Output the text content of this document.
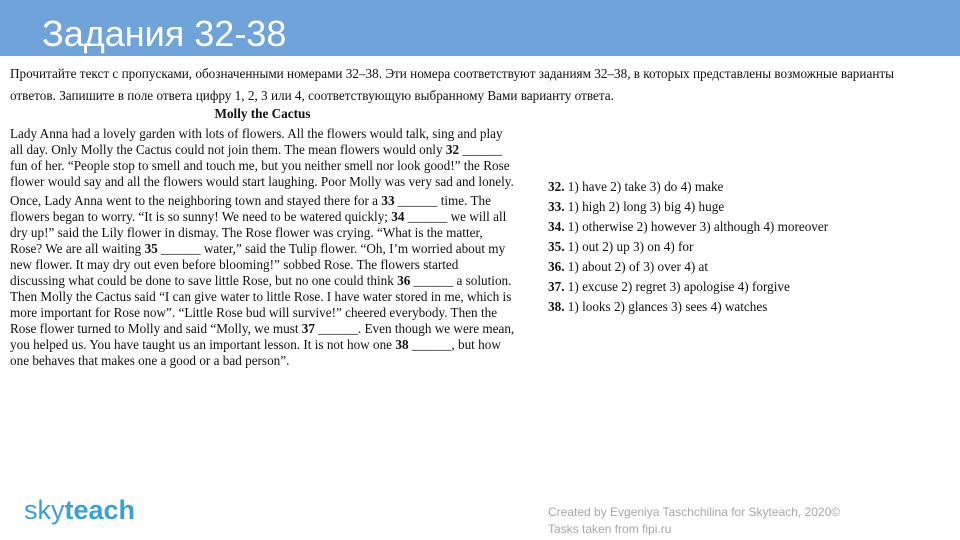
Задания 32-38
Прочитайте текст с пропусками, обозначенными номерами 32–38. Эти номера соответствуют заданиям 32–38, в которых представлены возможные варианты ответов. Запишите в поле ответа цифру 1, 2, 3 или 4, соответствующую выбранному Вами варианту ответа.
Molly the Cactus

Lady Anna had a lovely garden with lots of flowers. All the flowers would talk, sing and play all day. Only Molly the Cactus could not join them. The mean flowers would only 32 ______ fun of her. “People stop to smell and touch me, but you neither smell nor look good!” the Rose flower would say and all the flowers would start laughing. Poor Molly was very sad and lonely.

Once, Lady Anna went to the neighboring town and stayed there for a 33 ______ time. The flowers began to worry. “It is so sunny! We need to be watered quickly; 34 ______ we will all dry up!” said the Lily flower in dismay. The Rose flower was crying. “What is the matter, Rose? We are all waiting 35 ______ water,” said the Tulip flower. “Oh, I’m worried about my new flower. It may dry out even before blooming!” sobbed Rose. The flowers started discussing what could be done to save little Rose, but no one could think 36 ______ a solution. Then Molly the Cactus said “I can give water to little Rose. I have water stored in me, which is more important for Rose now”. “Little Rose bud will survive!” cheered everybody. Then the Rose flower turned to Molly and said “Molly, we must 37 ______. Even though we were mean, you helped us. You have taught us an important lesson. It is not how one 38 ______, but how one behaves that makes one a good or a bad person”.

32. 1) have 2) take 3) do 4) make
33. 1) high 2) long 3) big 4) huge
34. 1) otherwise 2) however 3) although 4) moreover
35. 1) out 2) up 3) on 4) for
36. 1) about 2) of 3) over 4) at
37. 1) excuse 2) regret 3) apologise 4) forgive
38. 1) looks 2) glances 3) sees 4) watches
skyteach	Created by Evgeniya Taschchilina for Skyteach, 2020©
Tasks taken from fipi.ru
